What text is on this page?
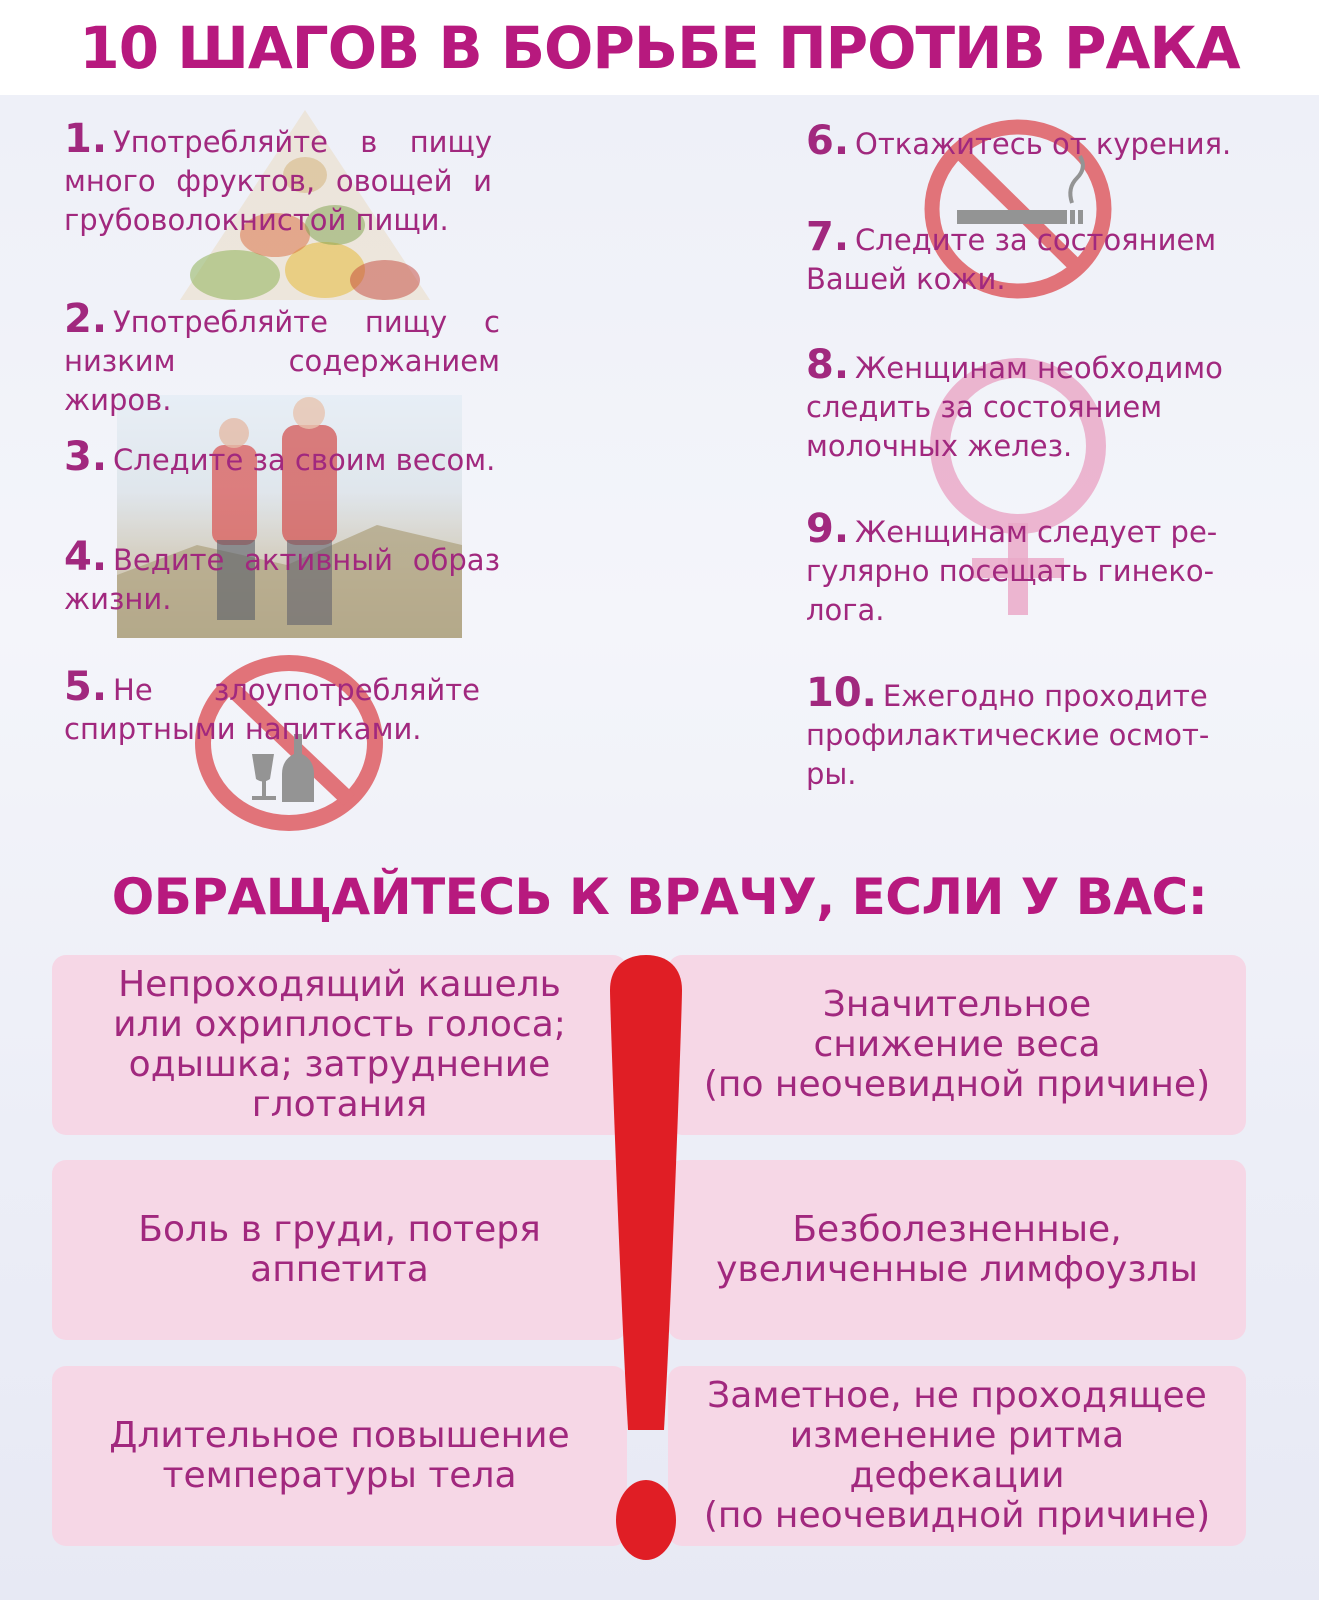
10 ШАГОВ В БОРЬБЕ ПРОТИВ РАКА

1. Употребляйте в пищу много фруктов, овощей и грубоволокнистой пищи.

2. Употребляйте пищу с низким содержанием жиров.

3. Следите за своим весом.

4. Ведите активный образ жизни.

5. Не злоупотребляйте спиртными напитками.

6. Откажитесь от курения.

7. Следите за состоянием Вашей кожи.

8. Женщинам необходимо следить за состоянием молочных желез.

9. Женщинам следует ре-гулярно посещать гинеко-лога.

10. Ежегодно проходите профилактические осмот-ры.

ОБРАЩАЙТЕСЬ К ВРАЧУ, ЕСЛИ У ВАС:
Непроходящий кашель
или охриплость голоса;
одышка; затруднение
глотания
Значительное
снижение веса
(по неочевидной причине)
Боль в груди, потеря
аппетита
Безболезненные,
увеличенные лимфоузлы
Длительное повышение
температуры тела
Заметное, не проходящее
изменение ритма
дефекации
(по неочевидной причине)
